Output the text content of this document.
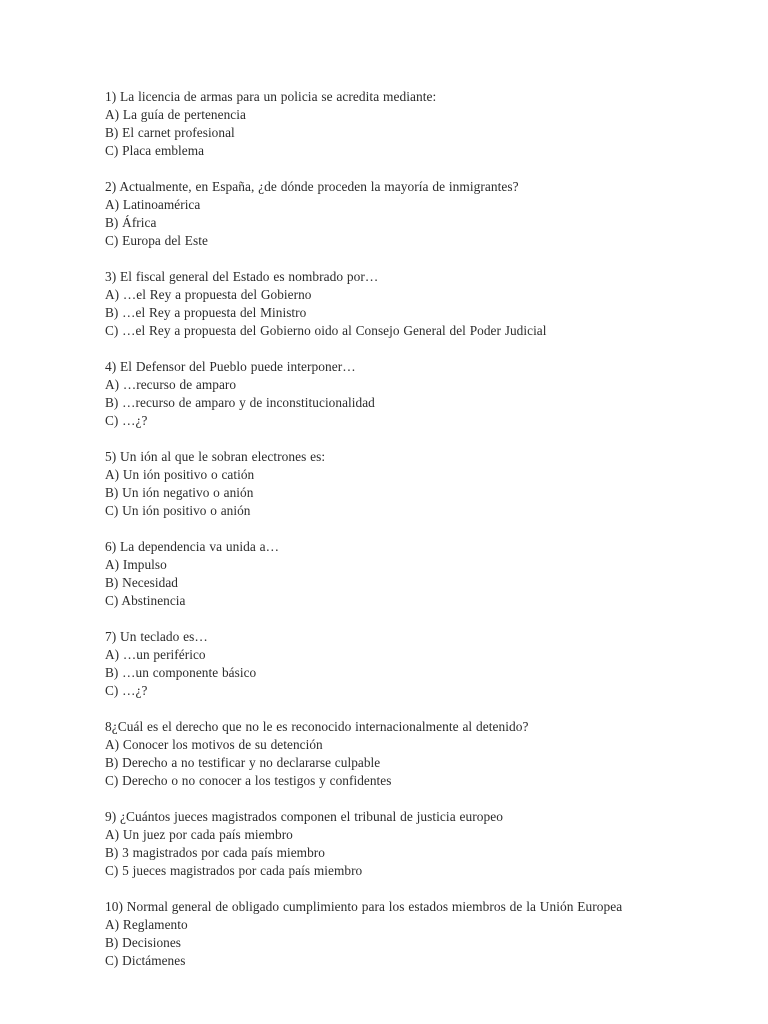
1) La licencia de armas para un policia se acredita mediante:

A) La guía de pertenencia

B) El carnet profesional

C) Placa emblema

2) Actualmente, en España, ¿de dónde proceden la mayoría de inmigrantes?

A) Latinoamérica

B) África

C) Europa del Este

3) El fiscal general del Estado es nombrado por…

A) …el Rey a propuesta del Gobierno

B) …el Rey a propuesta del Ministro

C) …el Rey a propuesta del Gobierno oido al Consejo General del Poder Judicial

4) El Defensor del Pueblo puede interponer…

A) …recurso de amparo

B) …recurso de amparo y de inconstitucionalidad

C) …¿?

5) Un ión al que le sobran electrones es:

A) Un ión positivo o catión

B) Un ión negativo o anión

C) Un ión positivo o anión

6) La dependencia va unida a…

A) Impulso

B) Necesidad

C) Abstinencia

7) Un teclado es…

A) …un periférico

B) …un componente básico

C) …¿?

8¿Cuál es el derecho que no le es reconocido internacionalmente al detenido?

A) Conocer los motivos de su detención

B) Derecho a no testificar y no declararse culpable

C) Derecho o no conocer a los testigos y confidentes

9) ¿Cuántos jueces magistrados componen el tribunal de justicia europeo

A) Un juez por cada país miembro

B) 3 magistrados por cada país miembro

C) 5 jueces magistrados por cada país miembro

10) Normal general de obligado cumplimiento para los estados miembros de la Unión Europea

A) Reglamento

B) Decisiones

C) Dictámenes
